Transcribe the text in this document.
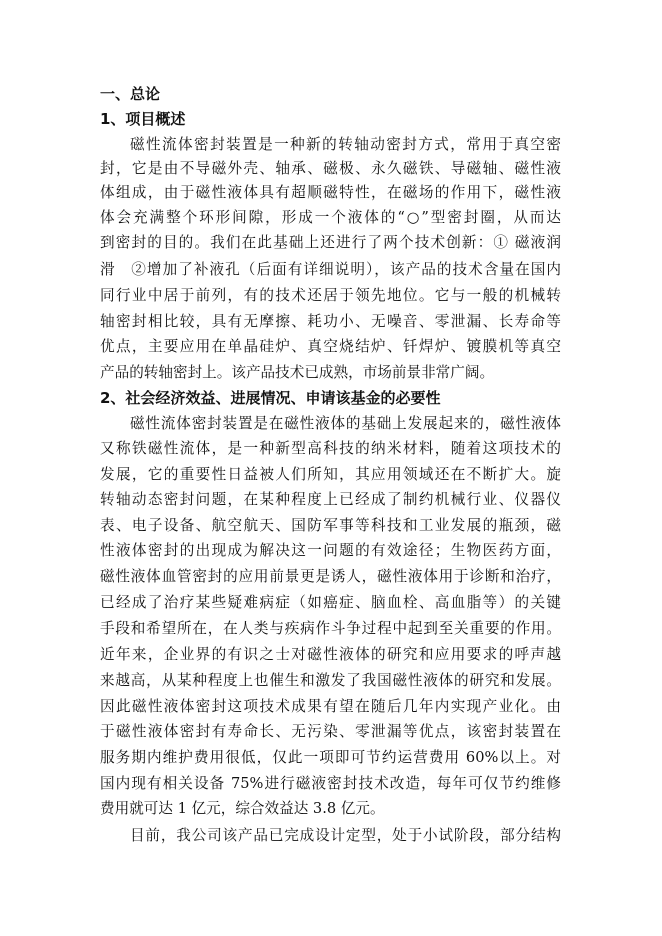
一、总论
1、项目概述
磁性流体密封装置是一种新的转轴动密封方式，常用于真空密
封，它是由不导磁外壳、轴承、磁极、永久磁铁、导磁轴、磁性液
体组成，由于磁性液体具有超顺磁特性，在磁场的作用下，磁性液
体会充满整个环形间隙，形成一个液体的“○”型密封圈，从而达
到密封的目的。我们在此基础上还进行了两个技术创新：① 磁液润
滑　②增加了补液孔（后面有详细说明），该产品的技术含量在国内
同行业中居于前列，有的技术还居于领先地位。它与一般的机械转
轴密封相比较，具有无摩擦、耗功小、无噪音、零泄漏、长寿命等
优点，主要应用在单晶硅炉、真空烧结炉、钎焊炉、镀膜机等真空
产品的转轴密封上。该产品技术已成熟，市场前景非常广阔。
2、社会经济效益、进展情况、申请该基金的必要性
磁性流体密封装置是在磁性液体的基础上发展起来的，磁性液体
又称铁磁性流体，是一种新型高科技的纳米材料，随着这项技术的
发展，它的重要性日益被人们所知，其应用领域还在不断扩大。旋
转轴动态密封问题，在某种程度上已经成了制约机械行业、仪器仪
表、电子设备、航空航天、国防军事等科技和工业发展的瓶颈，磁
性液体密封的出现成为解决这一问题的有效途径；生物医药方面，
磁性液体血管密封的应用前景更是诱人，磁性液体用于诊断和治疗，
已经成了治疗某些疑难病症（如癌症、脑血栓、高血脂等）的关键
手段和希望所在，在人类与疾病作斗争过程中起到至关重要的作用。
近年来，企业界的有识之士对磁性液体的研究和应用要求的呼声越
来越高，从某种程度上也催生和激发了我国磁性液体的研究和发展。
因此磁性液体密封这项技术成果有望在随后几年内实现产业化。由
于磁性液体密封有寿命长、无污染、零泄漏等优点，该密封装置在
服务期内维护费用很低，仅此一项即可节约运营费用 60%以上。对
国内现有相关设备 75%进行磁液密封技术改造，每年可仅节约维修
费用就可达 1 亿元，综合效益达 3.8 亿元。
目前，我公司该产品已完成设计定型，处于小试阶段，部分结构
